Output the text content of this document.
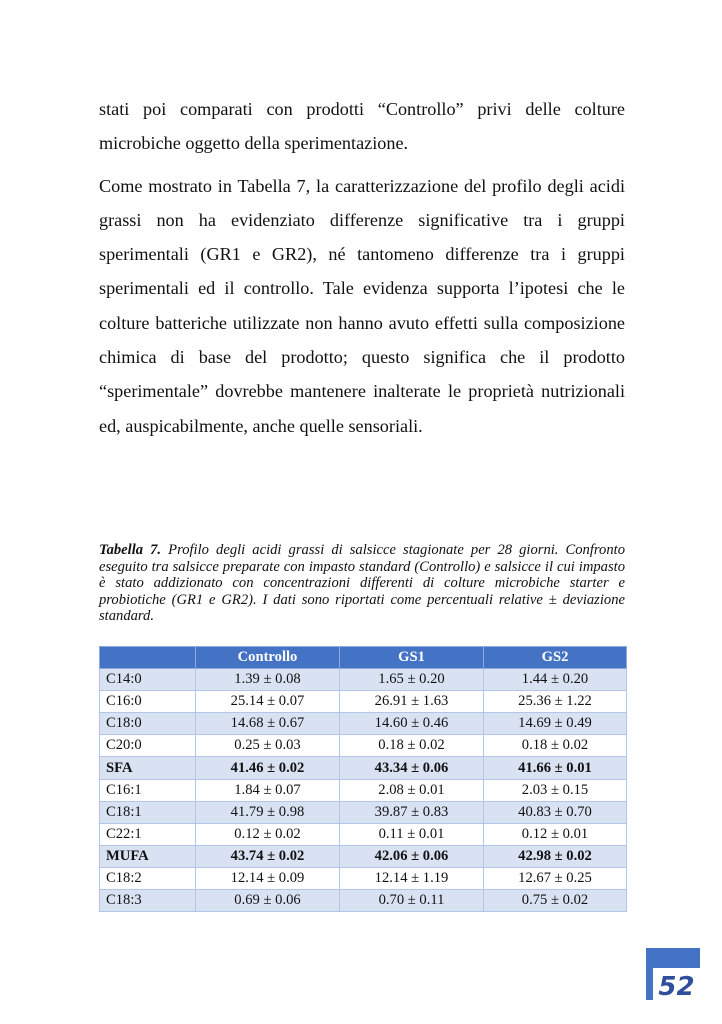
stati poi comparati con prodotti “Controllo” privi delle colture microbiche oggetto della sperimentazione.

Come mostrato in Tabella 7, la caratterizzazione del profilo degli acidi grassi non ha evidenziato differenze significative tra i gruppi sperimentali (GR1 e GR2), né tantomeno differenze tra i gruppi sperimentali ed il controllo. Tale evidenza supporta l’ipotesi che le colture batteriche utilizzate non hanno avuto effetti sulla composizione chimica di base del prodotto; questo significa che il prodotto “sperimentale” dovrebbe mantenere inalterate le proprietà nutrizionali ed, auspicabilmente, anche quelle sensoriali.

Tabella 7. Profilo degli acidi grassi di salsicce stagionate per 28 giorni. Confronto eseguito tra salsicce preparate con impasto standard (Controllo) e salsicce il cui impasto è stato addizionato con concentrazioni differenti di colture microbiche starter e probiotiche (GR1 e GR2). I dati sono riportati come percentuali relative ± deviazione standard.
	Controllo	GS1	GS2
C14:0	1.39 ± 0.08	1.65 ± 0.20	1.44 ± 0.20
C16:0	25.14 ± 0.07	26.91 ± 1.63	25.36 ± 1.22
C18:0	14.68 ± 0.67	14.60 ± 0.46	14.69 ± 0.49
C20:0	0.25 ± 0.03	0.18 ± 0.02	0.18 ± 0.02
SFA	41.46 ± 0.02	43.34 ± 0.06	41.66 ± 0.01
C16:1	1.84 ± 0.07	2.08 ± 0.01	2.03 ± 0.15
C18:1	41.79 ± 0.98	39.87 ± 0.83	40.83 ± 0.70
C22:1	0.12 ± 0.02	0.11 ± 0.01	0.12 ± 0.01
MUFA	43.74 ± 0.02	42.06 ± 0.06	42.98 ± 0.02
C18:2	12.14 ± 0.09	12.14 ± 1.19	12.67 ± 0.25
C18:3	0.69 ± 0.06	0.70 ± 0.11	0.75 ± 0.02
52
